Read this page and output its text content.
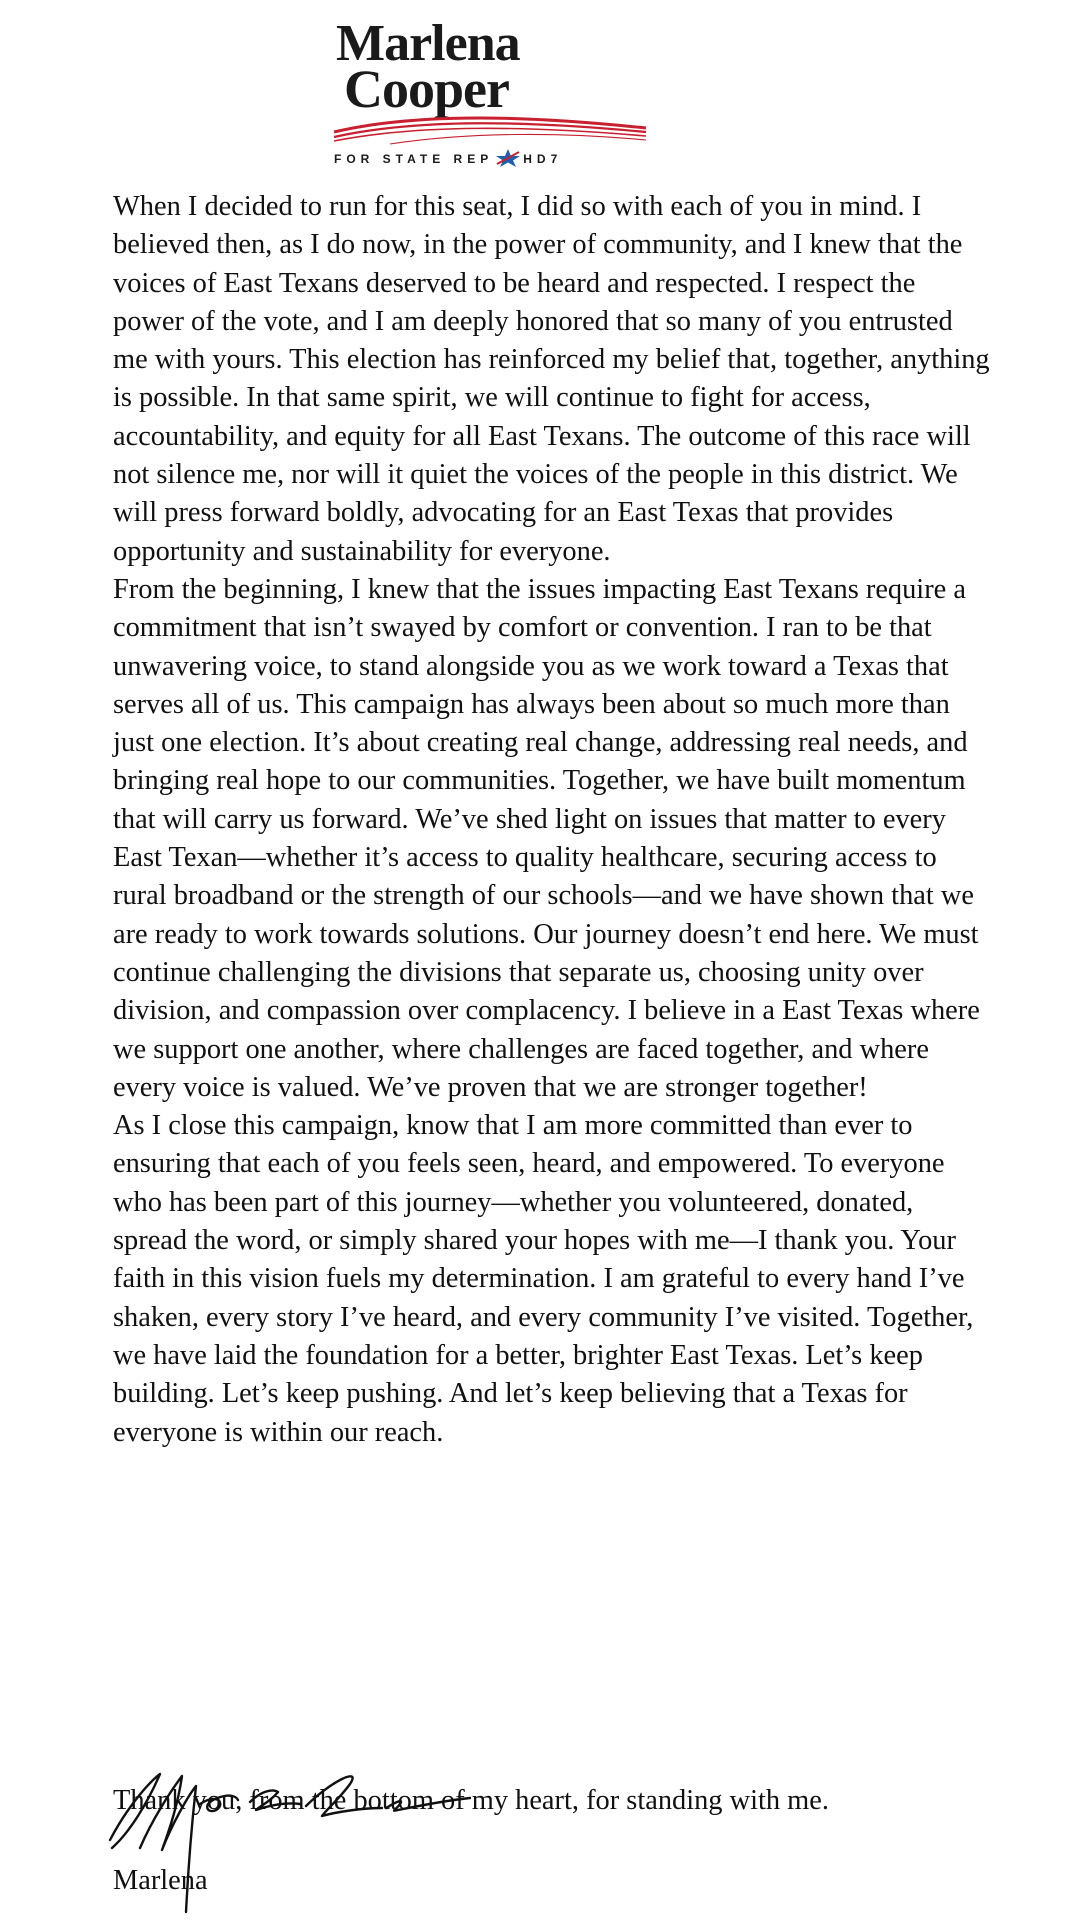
Marlena
Cooper
FOR STATE REP	HD7

When I decided to run for this seat, I did so with each of you in mind. I believed then, as I do now, in the power of community, and I knew that the voices of East Texans deserved to be heard and respected. I respect the power of the vote, and I am deeply honored that so many of you entrusted me with yours. This election has reinforced my belief that, together, anything is possible. In that same spirit, we will continue to fight for access, accountability, and equity for all East Texans. The outcome of this race will not silence me, nor will it quiet the voices of the people in this district. We will press forward boldly, advocating for an East Texas that provides opportunity and sustainability for everyone.

From the beginning, I knew that the issues impacting East Texans require a commitment that isn’t swayed by comfort or convention. I ran to be that unwavering voice, to stand alongside you as we work toward a Texas that serves all of us. This campaign has always been about so much more than just one election. It’s about creating real change, addressing real needs, and bringing real hope to our communities. Together, we have built momentum that will carry us forward. We’ve shed light on issues that matter to every East Texan—whether it’s access to quality healthcare, securing access to rural broadband or the strength of our schools—and we have shown that we are ready to work towards solutions. Our journey doesn’t end here. We must continue challenging the divisions that separate us, choosing unity over division, and compassion over complacency. I believe in a East Texas where we support one another, where challenges are faced together, and where every voice is valued. We’ve proven that we are stronger together!

As I close this campaign, know that I am more committed than ever to ensuring that each of you feels seen, heard, and empowered. To everyone who has been part of this journey—whether you volunteered, donated, spread the word, or simply shared your hopes with me—I thank you. Your faith in this vision fuels my determination. I am grateful to every hand I’ve shaken, every story I’ve heard, and every community I’ve visited. Together, we have laid the foundation for a better, brighter East Texas. Let’s keep building. Let’s keep pushing. And let’s keep believing that a Texas for everyone is within our reach.

Thank you, from the bottom of my heart, for standing with me.
Marlena
